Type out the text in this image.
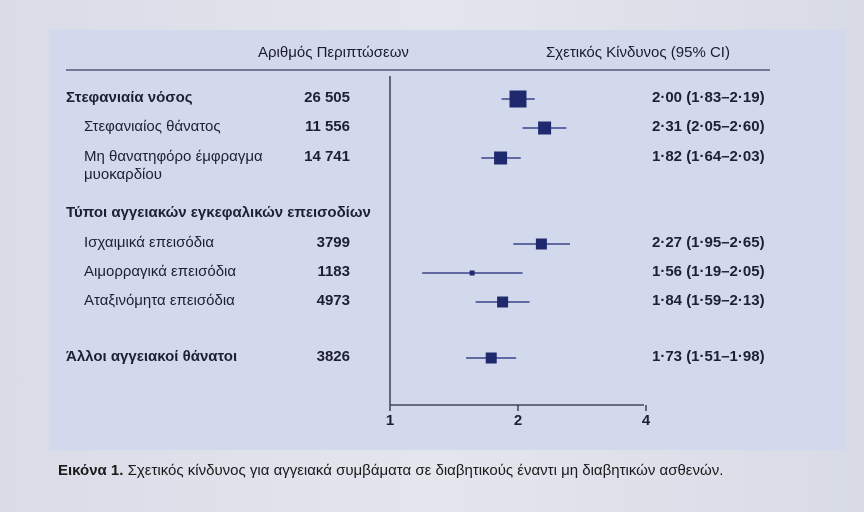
Αριθμός Περιπτώσεων	Σχετικός Κίνδυνος (95% CI)
1	2	4
Στεφανιαία νόσος	26 505	2·00 (1·83–2·19)
Στεφανιαίος θάνατος	11 556	2·31 (2·05–2·60)
Μη θανατηφόρο έμφραγμα
μυοκαρδίου
14 741	1·82 (1·64–2·03)
Τύποι αγγειακών εγκεφαλικών επεισοδίων
Ισχαιμικά επεισόδια	3799	2·27 (1·95–2·65)
Αιμορραγικά επεισόδια	1183	1·56 (1·19–2·05)
Αταξινόμητα επεισόδια	4973	1·84 (1·59–2·13)
Άλλοι αγγειακοί θάνατοι	3826	1·73 (1·51–1·98)
Εικόνα 1. Σχετικός κίνδυνος για αγγειακά συμβάματα σε διαβητικούς έναντι μη διαβητικών ασθενών.
